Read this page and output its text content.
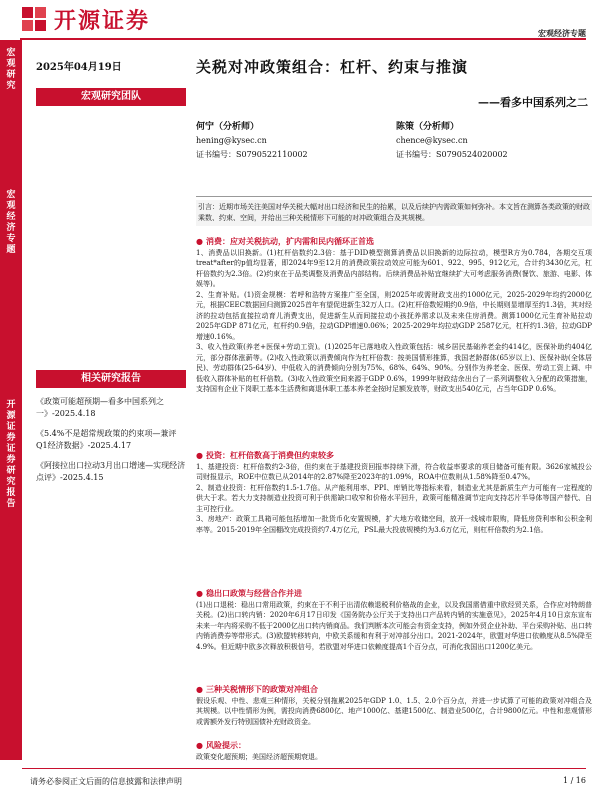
开源证券	宏观经济专题
宏观研究
宏观经济专题
开源证券 证券研究报告
2025年04月19日
宏观研究团队
相关研究报告

《政策可能超预期—看多中国系列之一》-2025.4.18

《5.4%不是超常规政策的约束项—兼评Q1经济数据》-2025.4.17

《阿接拉出口拉动3月出口增速—实现经济点评》-2025.4.15

关税对冲政策组合：杠杆、约束与推演
——看多中国系列之二
何宁（分析师）
hening@kysec.cn
证书编号：S0790522110002
陈策（分析师）
chence@kysec.cn
证书编号：S0790524020002
引言：近期市场关注美国对华关税大幅对出口经济和民生的抬累，以及后续护内需政策如何弥补。本文旨在测算各类政策的财政乘数、约束、空间，并给出三种关税情形下可能的对冲政策组合及其规模。
● 消费：应对关税抗动，扩内需和民内循环正首选

1、消费品以旧换新。(1)杠杆倍数约2.3倍：基于DID模型测算消费品以旧换新的边际拉动，模型R方为0.784，各期交互项treat*after的p值均显著，即2024年9至12月的消费政策拉动效应可能为601、922、995、912亿元，合计约3430亿元，杠杆倍数约为2.3倍。(2)约束在于品类调整及消费品内部结构。后续消费品补贴宜继续扩大可考虑服务消费(餐饮、旅游、电影、体娱等)。

2、生育补贴。(1)资金规模：若呼和浩特方案推广至全国，则2025年或需财政支出约1000亿元，2025-2029年均约2000亿元，根据CEEC数据回归测算2025首年有望促进新生32万人口。(2)杠杆倍数短期约0.9倍，中长期则显增厚至约1.3倍，其对经济的拉动包括直接拉动育儿消费支出，促进新生从而间接拉动小孩抚养需求以及未来住房消费。测算1000亿元生育补贴拉动2025年GDP 871亿元，杠杆约0.9倍，拉动GDP增速0.06%；2025-2029年均拉动GDP 2587亿元，杠杆约1.3倍，拉动GDP增速0.16%。

3、收入性政策(养老+医保+劳动工资)。(1)2025年已落地收入性政策包括：城乡居民基础养老金约414亿，医保补助约404亿元，部分群体涨薪等。(2)收入性政策以消费倾向作为杠杆倍数：按美国情形推算，我国老龄群体(65岁以上)、医保补助(全体居民)、劳动群体(25-64岁)、中低收入的消费倾向分别为75%、68%、64%、90%。分别作为养老金、医保、劳动工资上调、中低收入群体补贴的杠杆倍数。(3)收入性政策空间来源于GDP 0.6%，1999年财政结余出台了一系列调整收入分配的政策措施，支持国有企业下岗职工基本生活费和离退休职工基本养老金按时足额发放等，财政支出540亿元，占当年GDP 0.6%。

● 投资：杠杆倍数高于消费但约束较多

1、基建投资：杠杆倍数约2-3倍，但约束在于基建投资回报率持续下滑，符合收益率要求的项目储备可能有限。3626家城投公司财报显示，ROE中位数已从2014年的2.87%降至2023年的1.09%，ROA中位数则从1.58%降至0.47%。

2、制造业投资：杠杆倍数约1.5-1.7倍。从产能利用率、PPI、库销比等指标来看，制造业尤其是新质生产力可能有一定程度的供大于求。若大力支持制造业投资可利于供需缺口收窄和价格水平回升，政策可能精准调节定向支持芯片半导体等国产替代、自主可控行业。

3、房地产：政策工具箱可能包括增加一批货币化安置规模，扩大地方收储空间，放开一线城市限购，降低房贷利率和公积金利率等。2015-2019年全国棚改完成投资约7.4万亿元，PSL最大投放规模约为3.6万亿元，则杠杆倍数约为2.1倍。

● 稳出口政策与经营合作并进

(1)出口退税：稳出口常用政策，约束在于不利于出清依赖退税利价格战的企业，以及我国需借重中欧经贸关系，合作应对特朗普关税。(2)出口转内销：2020年6月17日印发《国务院办公厅关于支持出口产品转内销的实施意见》，2025年4月10日京东宣布未来一年内将采购不低于2000亿出口转内销商品。我们判断本次可能会有资金支持，例如外贸企业补助、平台采购补贴、出口转内销消费券等带形式。(3)欧盟转移转向，中欧关系缓和有利于对冲部分出口。2021-2024年，欧盟对华进口依赖度从8.5%降至4.9%。但近期中欧多次释放积极信号，若欧盟对华进口依赖度提高1个百分点，可消化我国出口1200亿美元。

● 三种关税情形下的政策对冲组合

假设乐观、中性、悲观三种情形，关税分别拖累2025年GDP 1.0、1.5、2.0个百分点，并进一步试算了可能的政策对冲组合及其规模。以中性情形为例，需投向消费6800亿、地产1000亿、基建1500亿、制造业500亿，合计9800亿元。中性和悲观情形或需额外发行特别国债补充财政资金。

● 风险提示：

政策变化超预期；美国经济超预期衰退。

请务必参阅正文后面的信息披露和法律声明	1 / 16
